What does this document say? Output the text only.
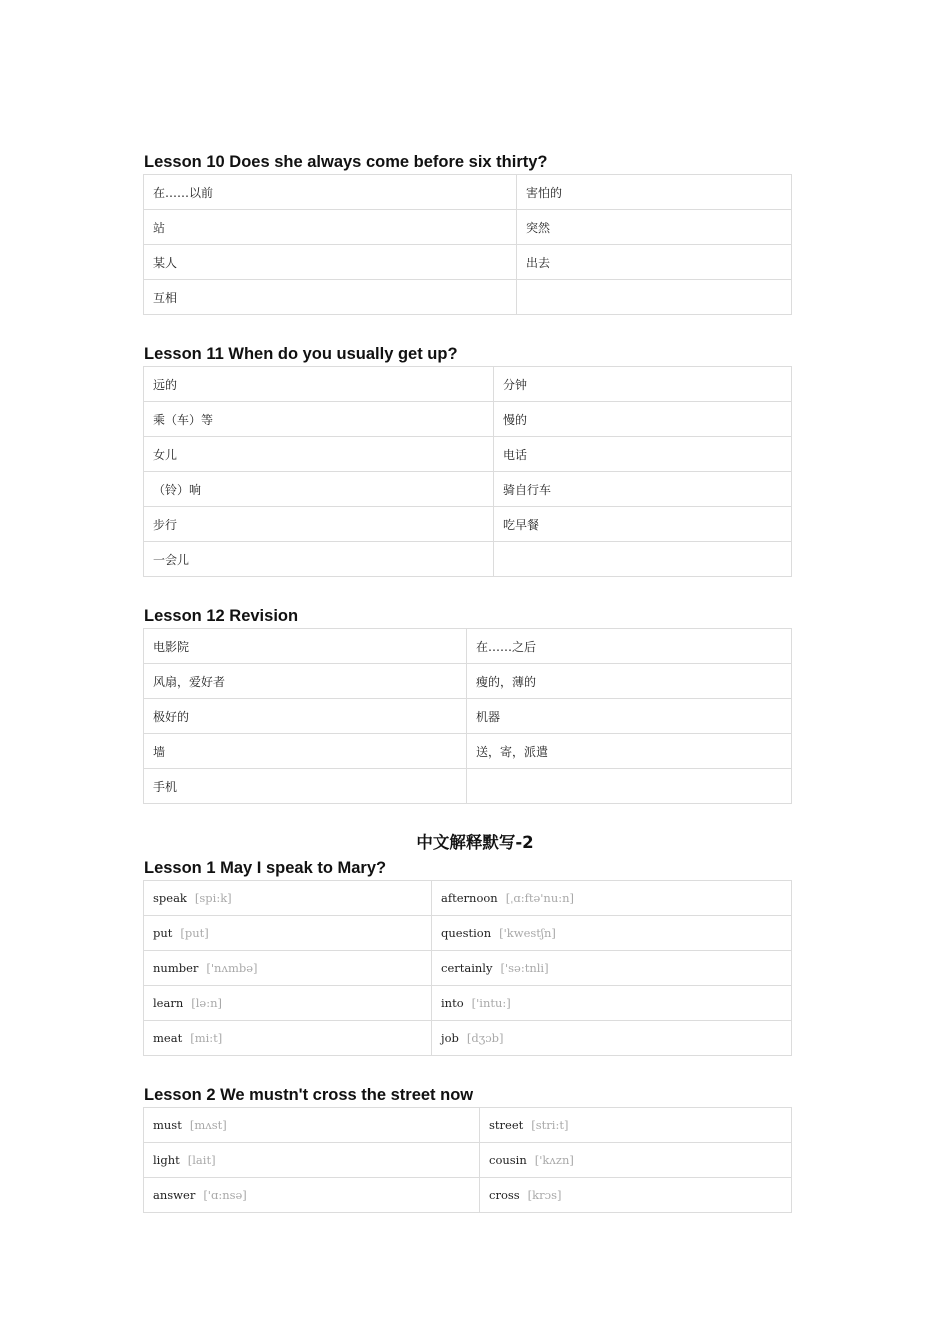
Lesson 10 Does she always come before six thirty?
在……以前	害怕的
站	突然
某人	出去
互相	
Lesson 11 When do you usually get up?
远的	分钟
乘（车）等	慢的
女儿	电话
（铃）响	骑自行车
步行	吃早餐
一会儿	
Lesson 12 Revision
电影院	在……之后
风扇，爱好者	瘦的，薄的
极好的	机器
墙	送，寄，派遣
手机	
中文解释默写-2
Lesson 1 May I speak to Mary?
speak [spi:k]	afternoon [ˌɑ:ftə'nu:n]
put [put]	question ['kwestʃn]
number ['nʌmbə]	certainly ['sə:tnli]
learn [lə:n]	into ['intu:]
meat [mi:t]	job [dʒɔb]
Lesson 2 We mustn't cross the street now
must [mʌst]	street [stri:t]
light [lait]	cousin ['kʌzn]
answer ['ɑ:nsə]	cross [krɔs]
